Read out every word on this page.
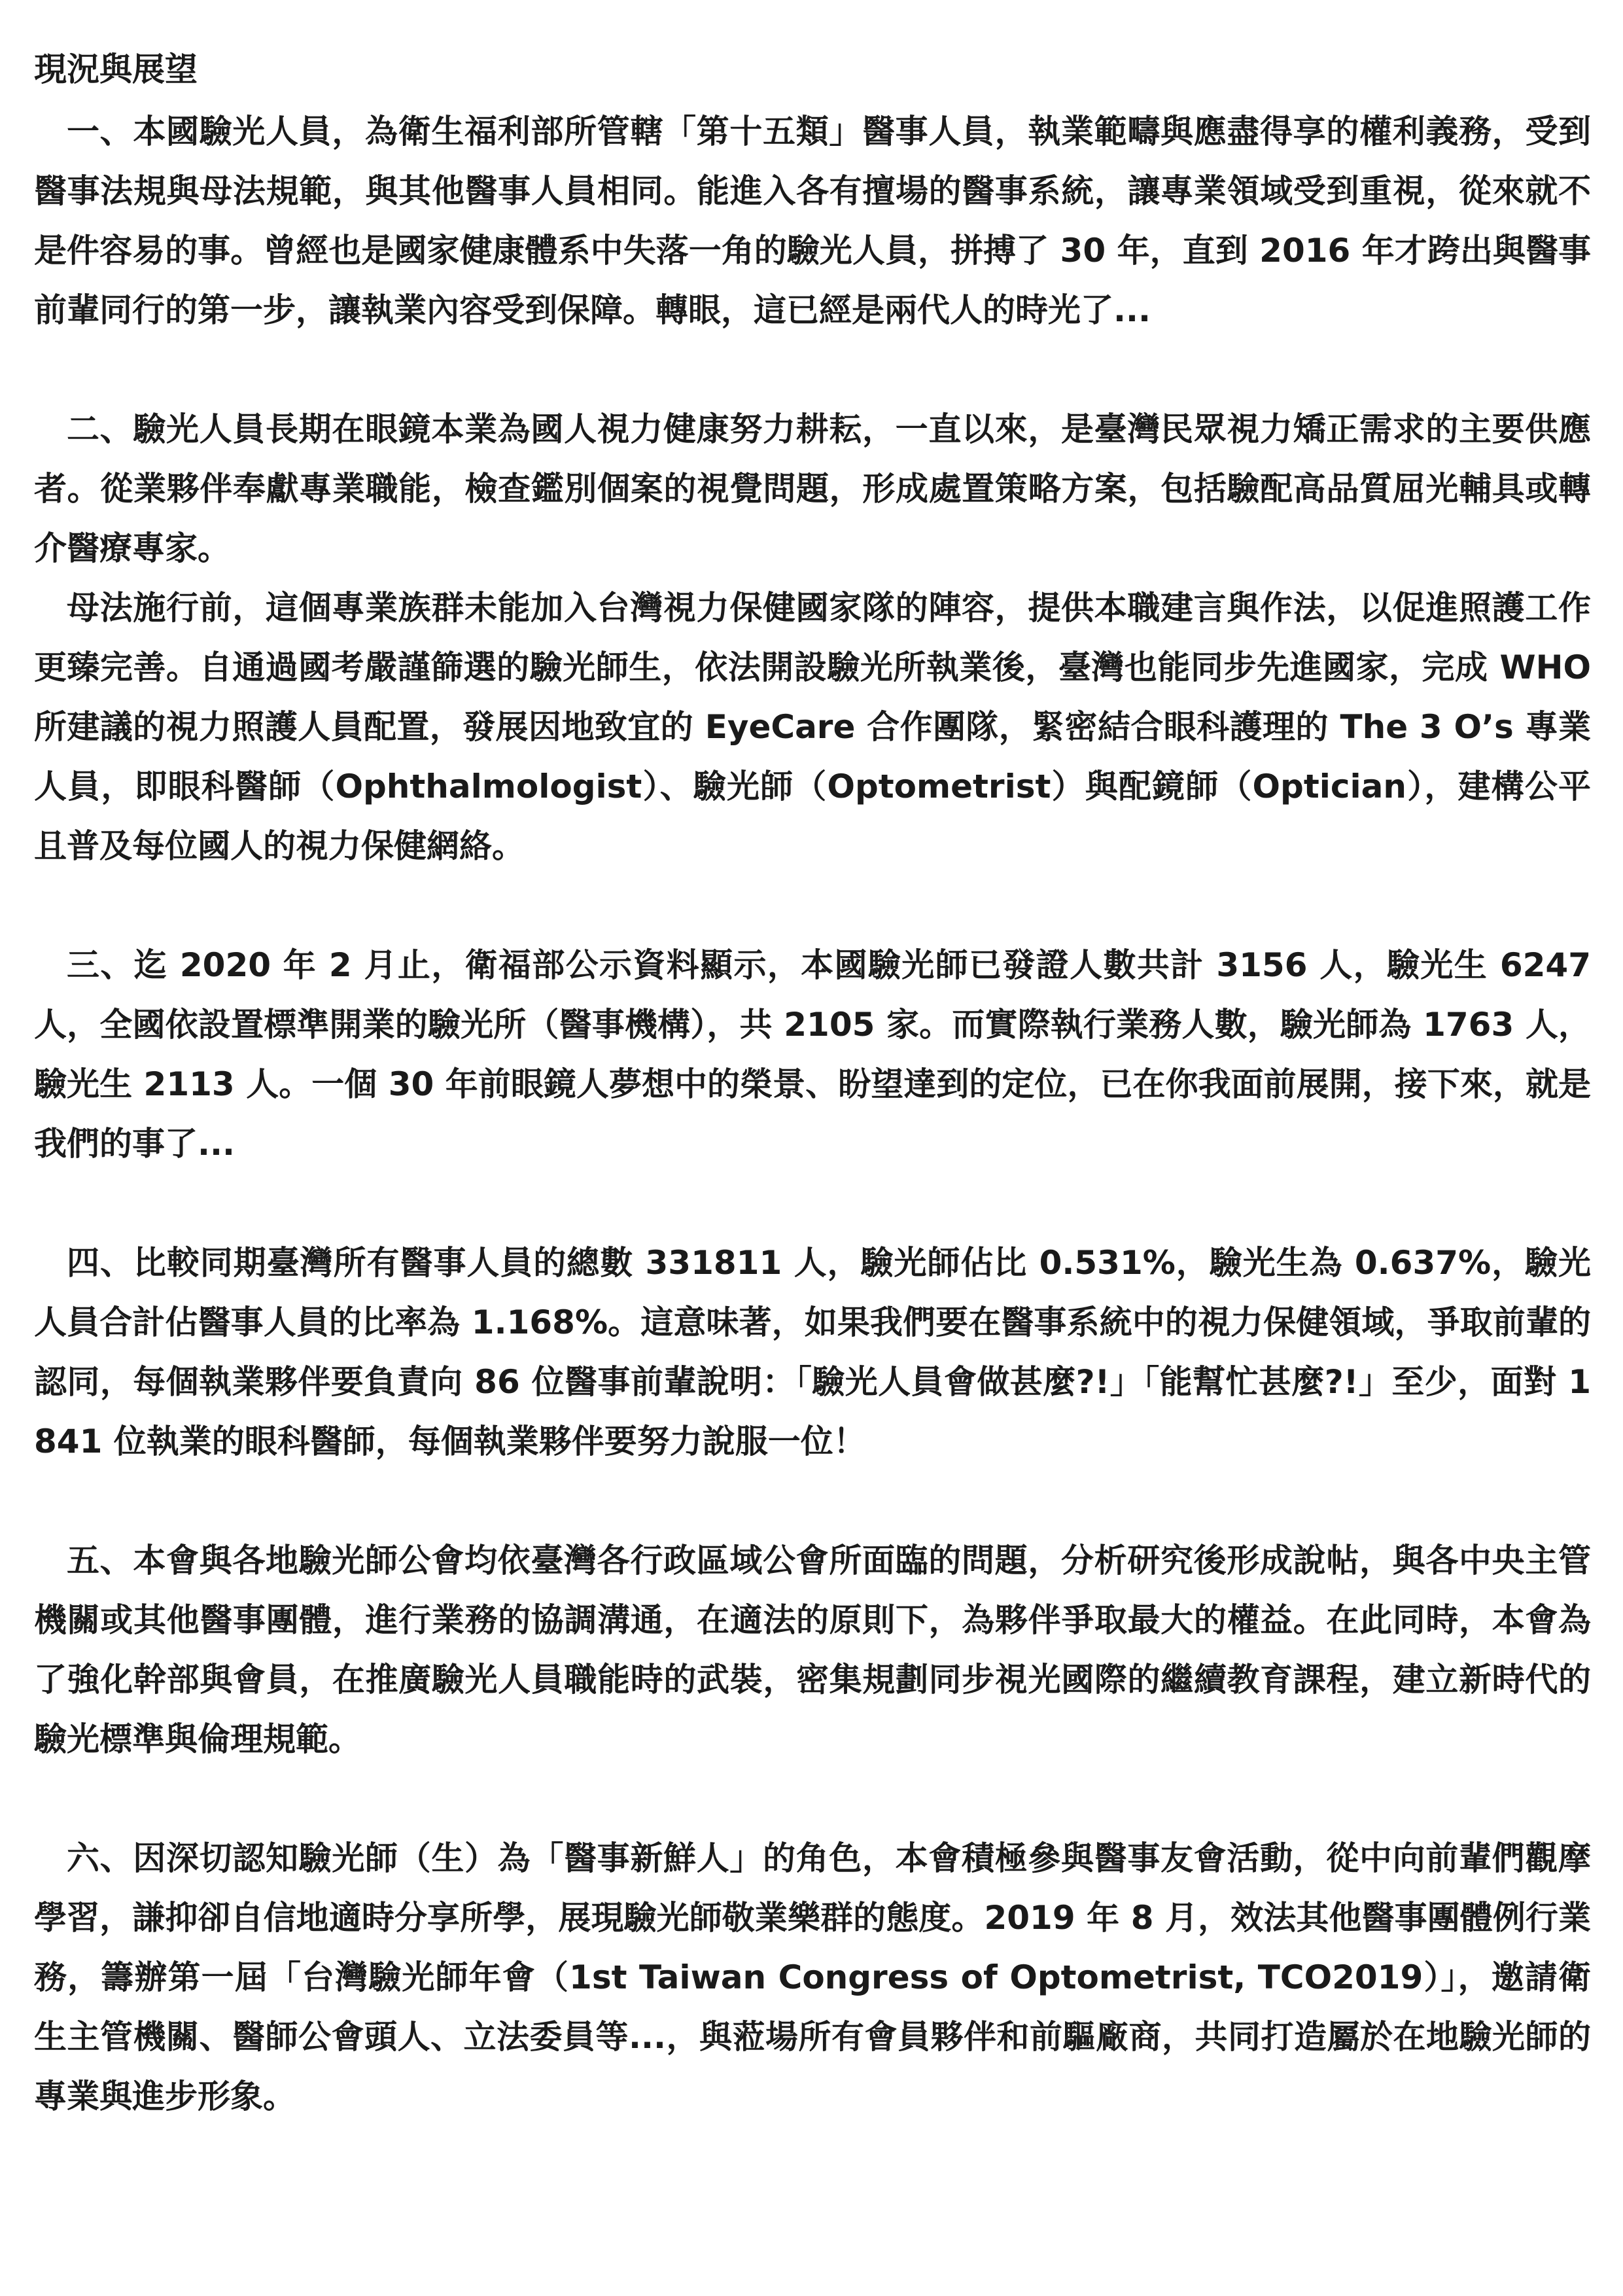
現況與展望

一、本國驗光人員，為衛生福利部所管轄「第十五類」醫事人員，執業範疇與應盡得享的權利義務，受到醫事法規與母法規範，與其他醫事人員相同。能進入各有擅場的醫事系統，讓專業領域受到重視，從來就不是件容易的事。曾經也是國家健康體系中失落一角的驗光人員，拼搏了 30 年，直到 2016 年才跨出與醫事前輩同行的第一步，讓執業內容受到保障。轉眼，這已經是兩代人的時光了...

二、驗光人員長期在眼鏡本業為國人視力健康努力耕耘，一直以來，是臺灣民眾視力矯正需求的主要供應者。從業夥伴奉獻專業職能，檢查鑑別個案的視覺問題，形成處置策略方案，包括驗配高品質屈光輔具或轉介醫療專家。

母法施行前，這個專業族群未能加入台灣視力保健國家隊的陣容，提供本職建言與作法，以促進照護工作更臻完善。自通過國考嚴謹篩選的驗光師生，依法開設驗光所執業後，臺灣也能同步先進國家，完成 WHO 所建議的視力照護人員配置，發展因地致宜的 EyeCare 合作團隊，緊密結合眼科護理的 The 3 O’s 專業人員，即眼科醫師（Ophthalmologist）、驗光師（Optometrist）與配鏡師（Optician），建構公平且普及每位國人的視力保健網絡。

三、迄 2020 年 2 月止，衛福部公示資料顯示，本國驗光師已發證人數共計 3156 人，驗光生 6247 人，全國依設置標準開業的驗光所（醫事機構），共 2105 家。而實際執行業務人數，驗光師為 1763 人，驗光生 2113 人。一個 30 年前眼鏡人夢想中的榮景、盼望達到的定位，已在你我面前展開，接下來，就是我們的事了...

四、比較同期臺灣所有醫事人員的總數 331811 人，驗光師佔比 0.531%，驗光生為 0.637%，驗光人員合計佔醫事人員的比率為 1.168%。這意味著，如果我們要在醫事系統中的視力保健領域，爭取前輩的認同，每個執業夥伴要負責向 86 位醫事前輩說明：「驗光人員會做甚麼?!」「能幫忙甚麼?!」至少，面對 1841 位執業的眼科醫師，每個執業夥伴要努力說服一位！

五、本會與各地驗光師公會均依臺灣各行政區域公會所面臨的問題，分析研究後形成說帖，與各中央主管機關或其他醫事團體，進行業務的協調溝通，在適法的原則下，為夥伴爭取最大的權益。在此同時，本會為了強化幹部與會員，在推廣驗光人員職能時的武裝，密集規劃同步視光國際的繼續教育課程，建立新時代的驗光標準與倫理規範。

六、因深切認知驗光師（生）為「醫事新鮮人」的角色，本會積極參與醫事友會活動，從中向前輩們觀摩學習，謙抑卻自信地適時分享所學，展現驗光師敬業樂群的態度。2019 年 8 月，效法其他醫事團體例行業務，籌辦第一屆「台灣驗光師年會（1st Taiwan Congress of Optometrist, TCO2019）」，邀請衛生主管機關、醫師公會頭人、立法委員等...，與蒞場所有會員夥伴和前驅廠商，共同打造屬於在地驗光師的專業與進步形象。
